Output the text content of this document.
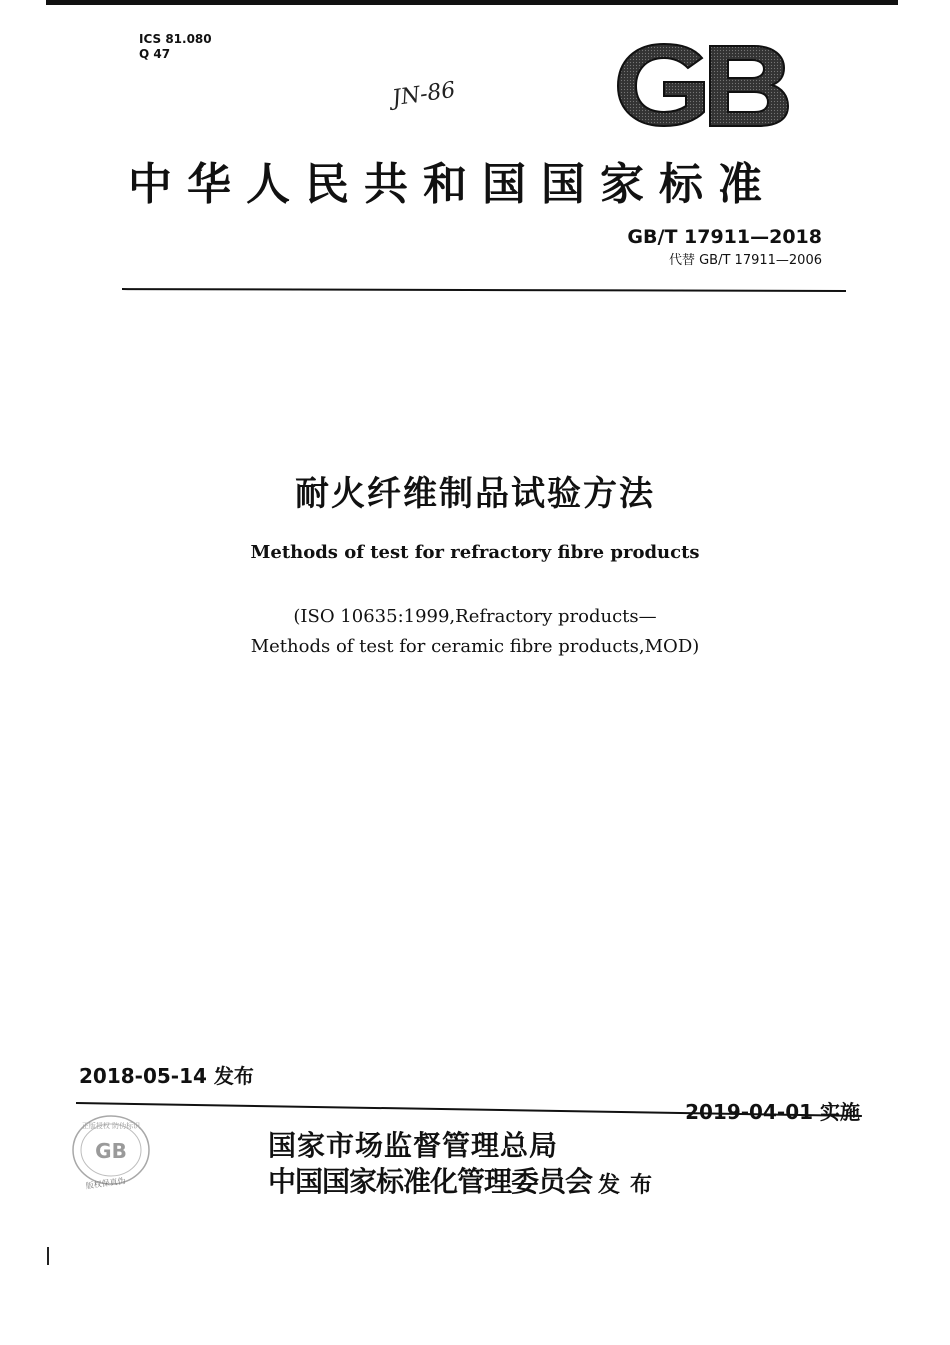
ICS 81.080
Q 47
JN-86
中华人民共和国国家标准
GB/T 17911—2018
代替 GB/T 17911—2006
耐火纤维制品试验方法
Methods of test for refractory fibre products
(ISO 10635:1999,Refractory products—
Methods of test for ceramic fibre products,MOD)
2018-05-14 发布
2019-04-01 实施
正版授权 防伪标识
GB
版权保真伪
国家市场监督管理总局
中国国家标准化管理委员会 发布
